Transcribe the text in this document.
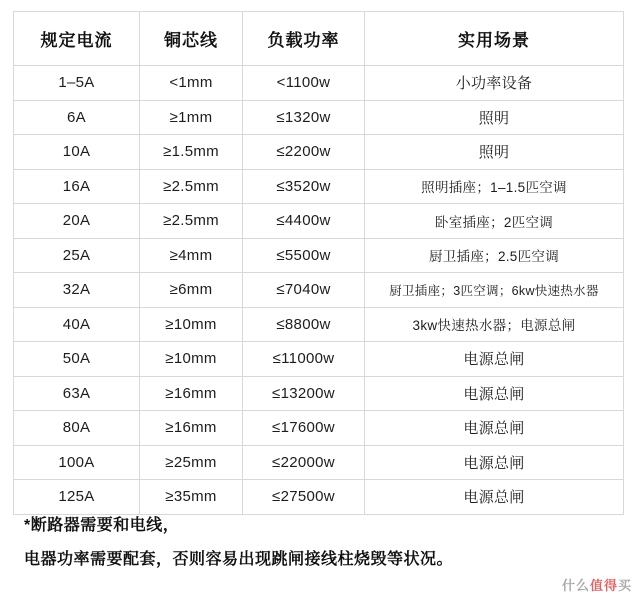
规定电流	铜芯线	负载功率	实用场景
1–5A	<1mm	<1100w	小功率设备
6A	≥1mm	≤1320w	照明
10A	≥1.5mm	≤2200w	照明
16A	≥2.5mm	≤3520w	照明插座；1–1.5匹空调
20A	≥2.5mm	≤4400w	卧室插座；2匹空调
25A	≥4mm	≤5500w	厨卫插座；2.5匹空调
32A	≥6mm	≤7040w	厨卫插座；3匹空调；6kw快速热水器
40A	≥10mm	≤8800w	3kw快速热水器；电源总闸
50A	≥10mm	≤11000w	电源总闸
63A	≥16mm	≤13200w	电源总闸
80A	≥16mm	≤17600w	电源总闸
100A	≥25mm	≤22000w	电源总闸
125A	≥35mm	≤27500w	电源总闸
*断路器需要和电线，
电器功率需要配套，否则容易出现跳闸接线柱烧毁等状况。
什么值得买
